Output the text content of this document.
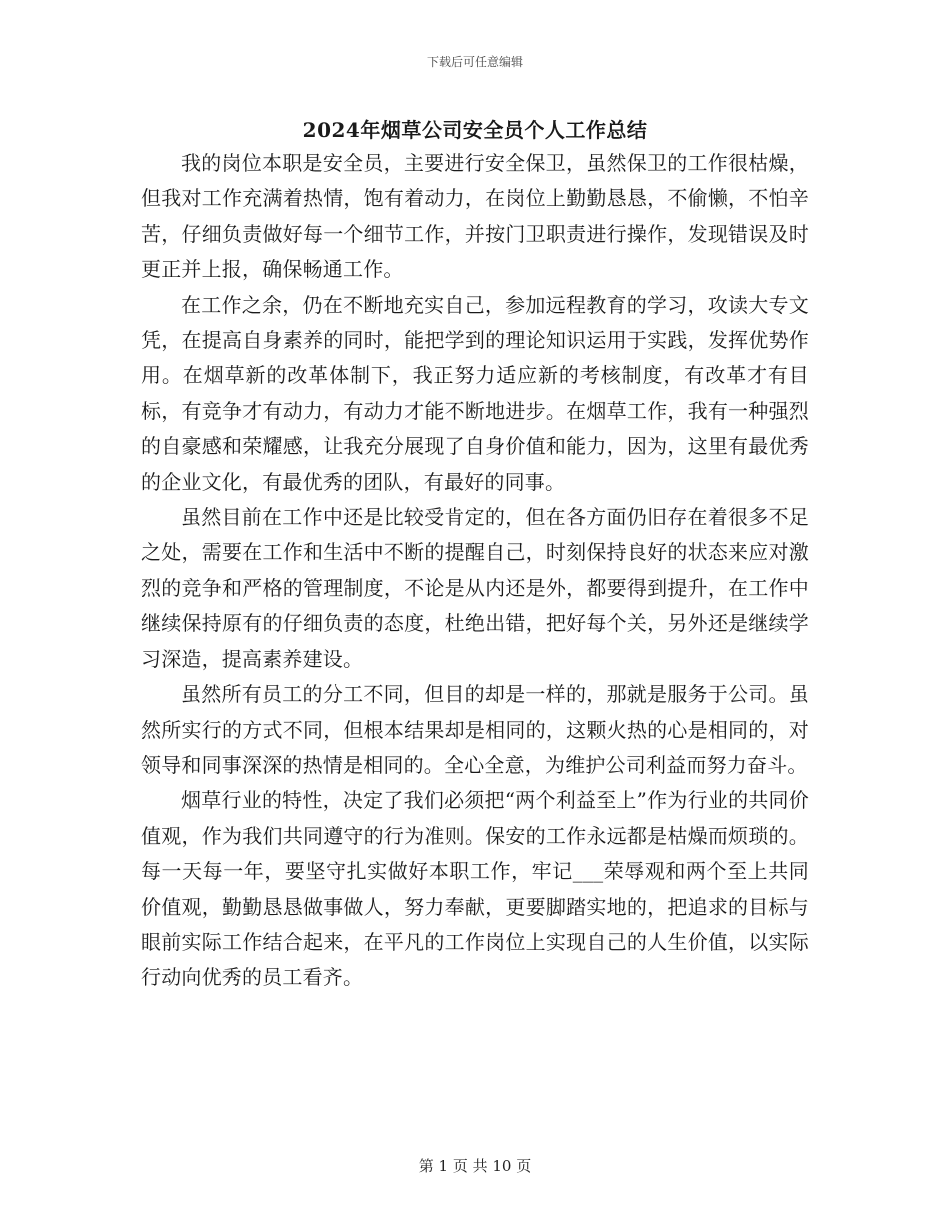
下载后可任意编辑
2024年烟草公司安全员个人工作总结

我的岗位本职是安全员，主要进行安全保卫，虽然保卫的工作很枯燥，但我对工作充满着热情，饱有着动力，在岗位上勤勤恳恳，不偷懒，不怕辛苦，仔细负责做好每一个细节工作，并按门卫职责进行操作，发现错误及时更正并上报，确保畅通工作。

在工作之余，仍在不断地充实自己，参加远程教育的学习，攻读大专文凭，在提高自身素养的同时，能把学到的理论知识运用于实践，发挥优势作用。在烟草新的改革体制下，我正努力适应新的考核制度，有改革才有目标，有竞争才有动力，有动力才能不断地进步。在烟草工作，我有一种强烈的自豪感和荣耀感，让我充分展现了自身价值和能力，因为，这里有最优秀的企业文化，有最优秀的团队，有最好的同事。

虽然目前在工作中还是比较受肯定的，但在各方面仍旧存在着很多不足之处，需要在工作和生活中不断的提醒自己，时刻保持良好的状态来应对激烈的竞争和严格的管理制度，不论是从内还是外，都要得到提升，在工作中继续保持原有的仔细负责的态度，杜绝出错，把好每个关，另外还是继续学习深造，提高素养建设。

虽然所有员工的分工不同，但目的却是一样的，那就是服务于公司。虽然所实行的方式不同，但根本结果却是相同的，这颗火热的心是相同的，对领导和同事深深的热情是相同的。全心全意，为维护公司利益而努力奋斗。

烟草行业的特性，决定了我们必须把“两个利益至上”作为行业的共同价值观，作为我们共同遵守的行为准则。保安的工作永远都是枯燥而烦琐的。每一天每一年，要坚守扎实做好本职工作，牢记___荣辱观和两个至上共同价值观，勤勤恳恳做事做人，努力奉献，更要脚踏实地的，把追求的目标与眼前实际工作结合起来，在平凡的工作岗位上实现自己的人生价值，以实际行动向优秀的员工看齐。

第 1 页 共 10 页
